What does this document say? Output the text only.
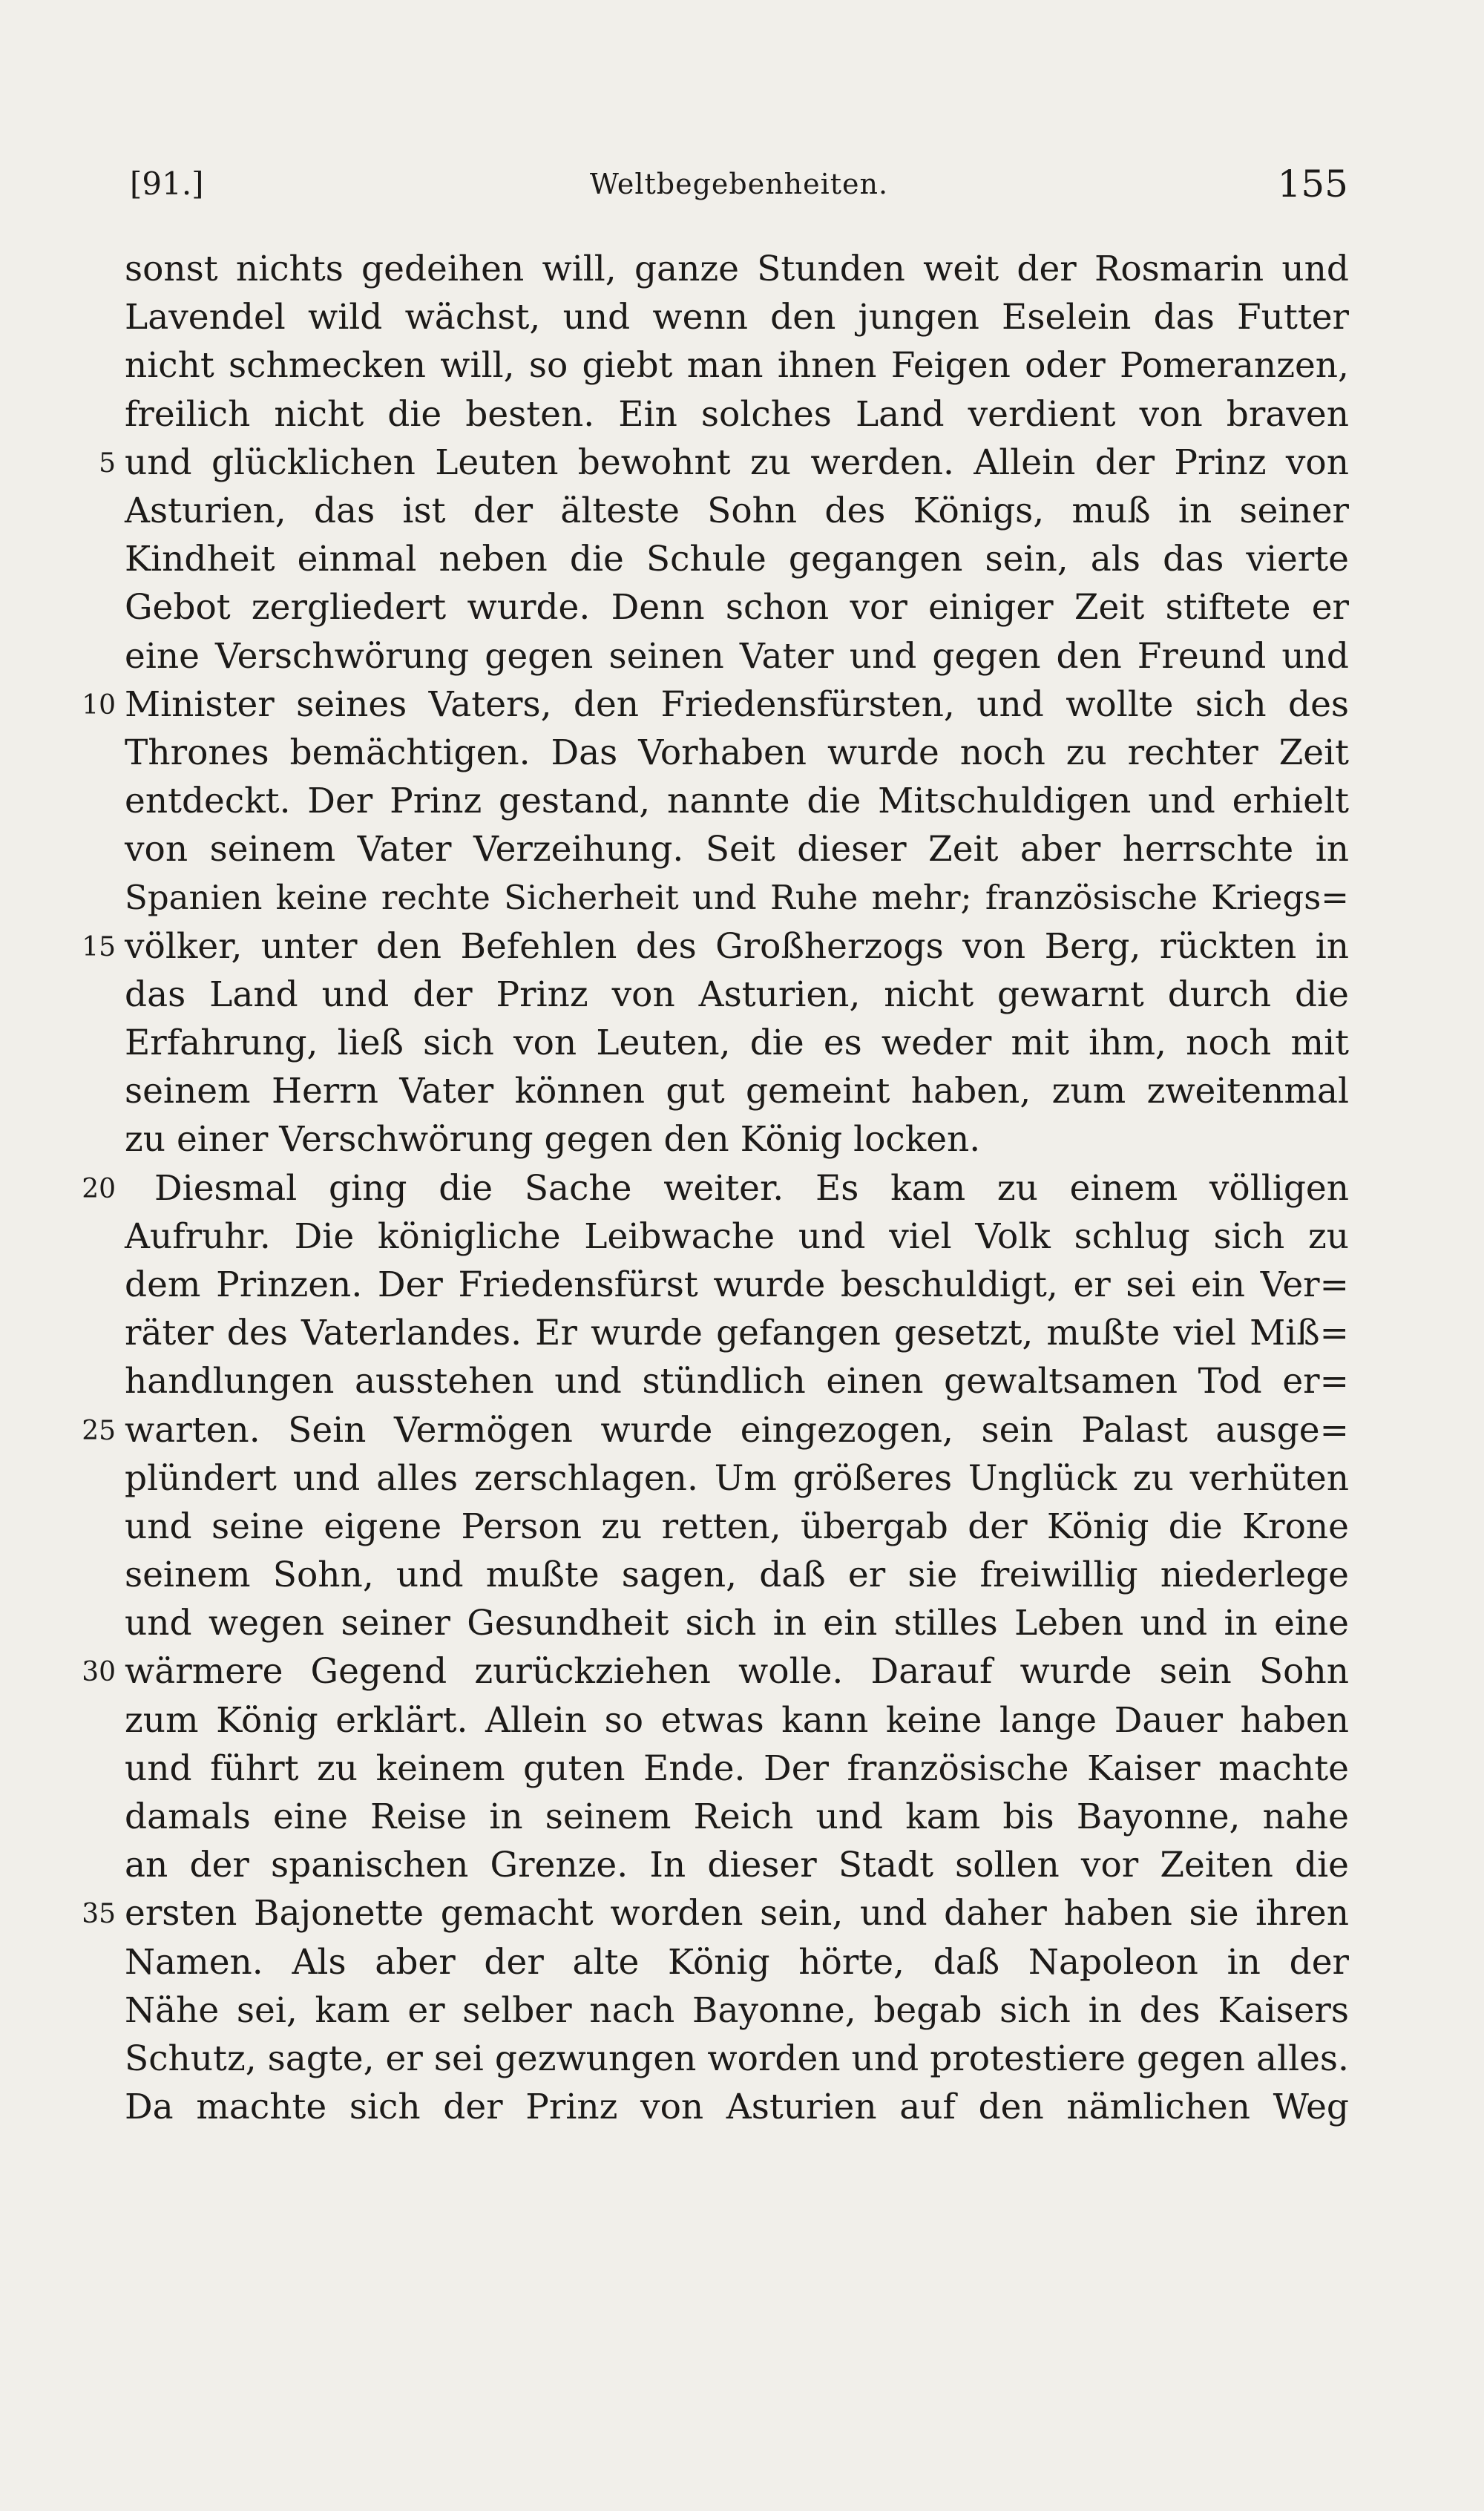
[91.]	Weltbegebenheiten.	155
sonst nichts gedeihen will, ganze Stunden weit der Rosmarin und
Lavendel wild wächst, und wenn den jungen Eselein das Futter
nicht schmecken will, so giebt man ihnen Feigen oder Pomeranzen,
freilich nicht die besten. Ein solches Land verdient von braven
5 und glücklichen Leuten bewohnt zu werden. Allein der Prinz von
Asturien, das ist der älteste Sohn des Königs, muß in seiner
Kindheit einmal neben die Schule gegangen sein, als das vierte
Gebot zergliedert wurde. Denn schon vor einiger Zeit stiftete er
eine Verschwörung gegen seinen Vater und gegen den Freund und
10 Minister seines Vaters, den Friedensfürsten, und wollte sich des
Thrones bemächtigen. Das Vorhaben wurde noch zu rechter Zeit
entdeckt. Der Prinz gestand, nannte die Mitschuldigen und erhielt
von seinem Vater Verzeihung. Seit dieser Zeit aber herrschte in
Spanien keine rechte Sicherheit und Ruhe mehr; französische Kriegs=
15 völker, unter den Befehlen des Großherzogs von Berg, rückten in
das Land und der Prinz von Asturien, nicht gewarnt durch die
Erfahrung, ließ sich von Leuten, die es weder mit ihm, noch mit
seinem Herrn Vater können gut gemeint haben, zum zweitenmal
zu einer Verschwörung gegen den König locken.
20 Diesmal ging die Sache weiter. Es kam zu einem völligen
Aufruhr. Die königliche Leibwache und viel Volk schlug sich zu
dem Prinzen. Der Friedensfürst wurde beschuldigt, er sei ein Ver=
räter des Vaterlandes. Er wurde gefangen gesetzt, mußte viel Miß=
handlungen ausstehen und stündlich einen gewaltsamen Tod er=
25 warten. Sein Vermögen wurde eingezogen, sein Palast ausge=
plündert und alles zerschlagen. Um größeres Unglück zu verhüten
und seine eigene Person zu retten, übergab der König die Krone
seinem Sohn, und mußte sagen, daß er sie freiwillig niederlege
und wegen seiner Gesundheit sich in ein stilles Leben und in eine
30 wärmere Gegend zurückziehen wolle. Darauf wurde sein Sohn
zum König erklärt. Allein so etwas kann keine lange Dauer haben
und führt zu keinem guten Ende. Der französische Kaiser machte
damals eine Reise in seinem Reich und kam bis Bayonne, nahe
an der spanischen Grenze. In dieser Stadt sollen vor Zeiten die
35 ersten Bajonette gemacht worden sein, und daher haben sie ihren
Namen. Als aber der alte König hörte, daß Napoleon in der
Nähe sei, kam er selber nach Bayonne, begab sich in des Kaisers
Schutz, sagte, er sei gezwungen worden und protestiere gegen alles.
Da machte sich der Prinz von Asturien auf den nämlichen Weg
